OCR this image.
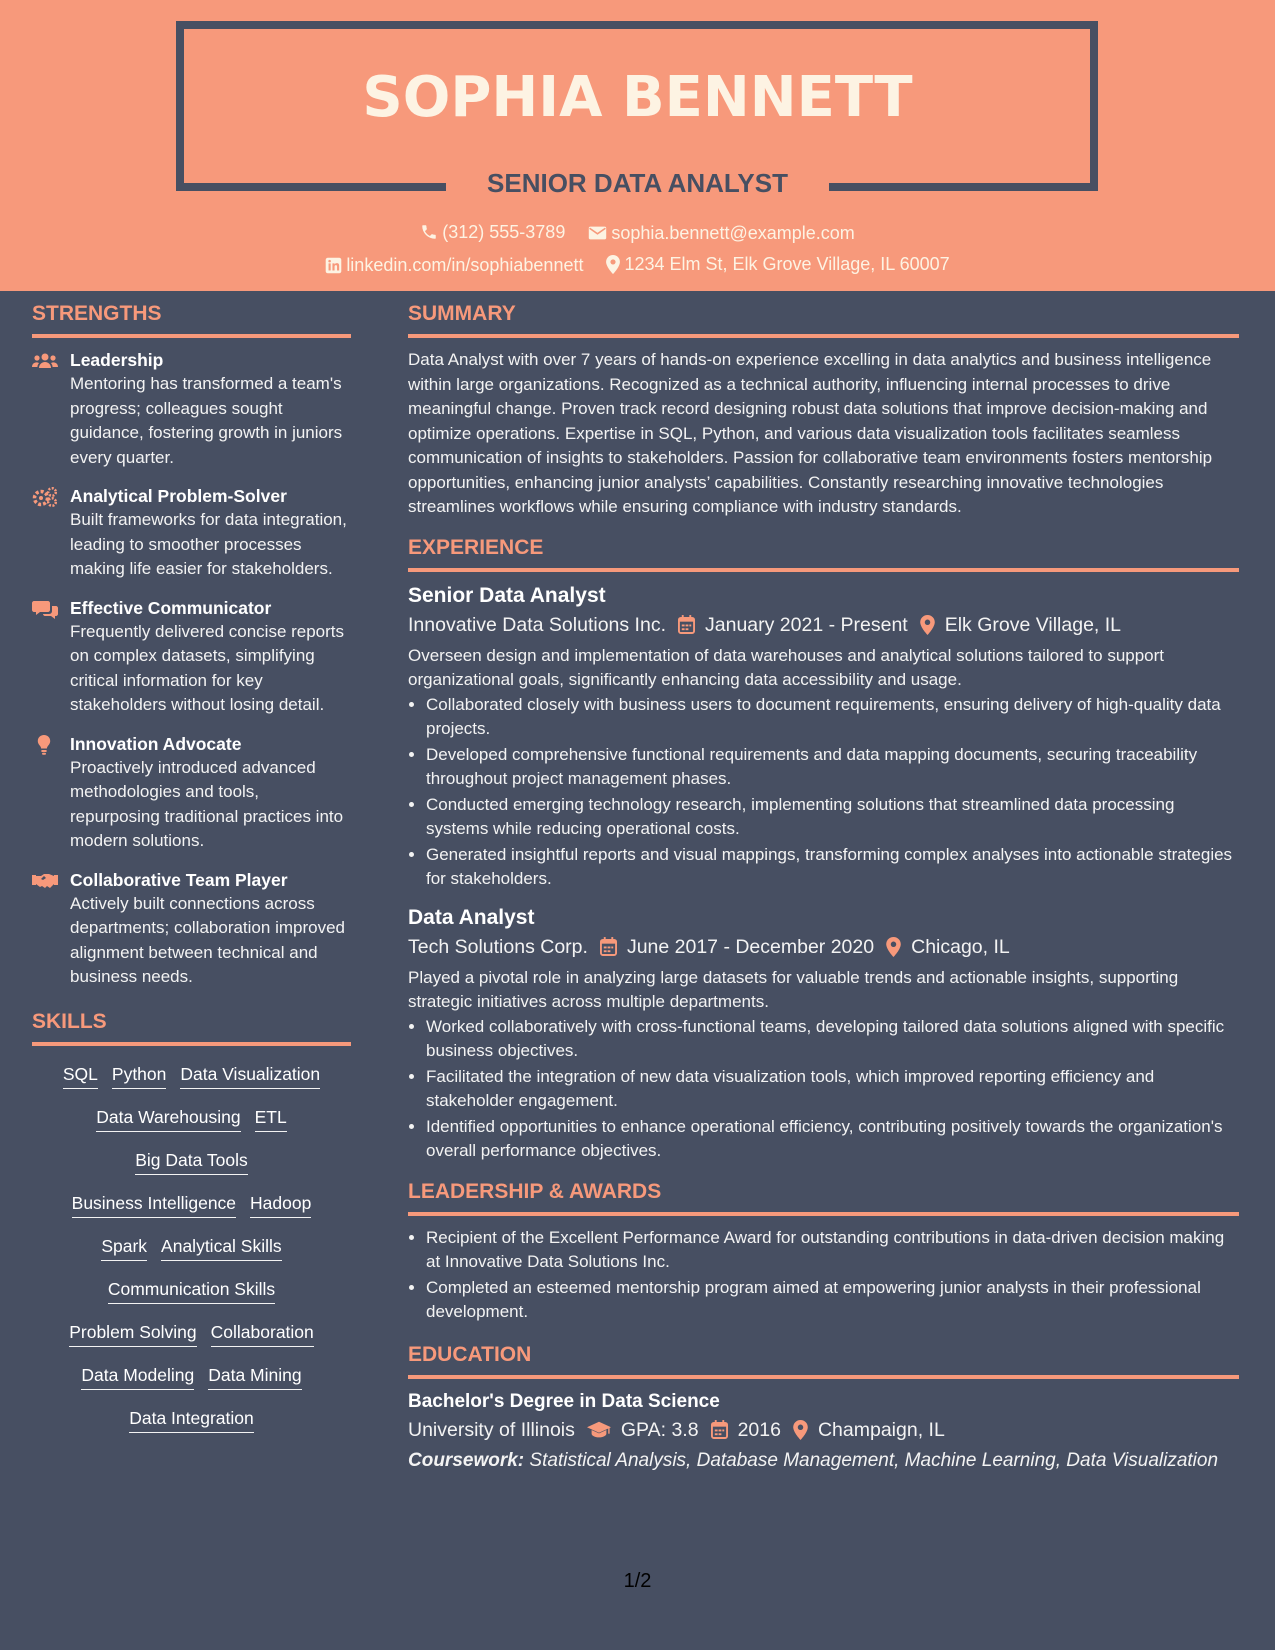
SOPHIA BENNETT
SENIOR DATA ANALYST
(312) 555-3789
	sophia.bennett@example.com
linkedin.com/in/sophiabennett
1234 Elm St, Elk Grove Village, IL 60007
STRENGTHS
Leadership
Mentoring has transformed a team's progress; colleagues sought guidance, fostering growth in juniors every quarter.
Analytical Problem-Solver
Built frameworks for data integration, leading to smoother processes making life easier for stakeholders.
Effective Communicator
Frequently delivered concise reports on complex datasets, simplifying critical information for key stakeholders without losing detail.
Innovation Advocate
Proactively introduced advanced methodologies and tools, repurposing traditional practices into modern solutions.
Collaborative Team Player
Actively built connections across departments; collaboration improved alignment between technical and business needs.
SKILLS
SQL Python Data Visualization
Data Warehousing ETL
Big Data Tools
Business Intelligence Hadoop
Spark Analytical Skills
Communication Skills
Problem Solving Collaboration
Data Modeling Data Mining
Data Integration
SUMMARY

Data Analyst with over 7 years of hands-on experience excelling in data analytics and business intelligence within large organizations. Recognized as a technical authority, influencing internal processes to drive meaningful change. Proven track record designing robust data solutions that improve decision-making and optimize operations. Expertise in SQL, Python, and various data visualization tools facilitates seamless communication of insights to stakeholders. Passion for collaborative team environments fosters mentorship opportunities, enhancing junior analysts’ capabilities. Constantly researching innovative technologies streamlines workflows while ensuring compliance with industry standards.

EXPERIENCE
Senior Data Analyst
Innovative Data Solutions Inc. January 2021 - Present Elk Grove Village, IL

Overseen design and implementation of data warehouses and analytical solutions tailored to support organizational goals, significantly enhancing data accessibility and usage.

• Collaborated closely with business users to document requirements, ensuring delivery of high-quality data projects.
• Developed comprehensive functional requirements and data mapping documents, securing traceability throughout project management phases.
• Conducted emerging technology research, implementing solutions that streamlined data processing systems while reducing operational costs.
• Generated insightful reports and visual mappings, transforming complex analyses into actionable strategies for stakeholders.
Data Analyst
Tech Solutions Corp. June 2017 - December 2020 Chicago, IL

Played a pivotal role in analyzing large datasets for valuable trends and actionable insights, supporting strategic initiatives across multiple departments.

• Worked collaboratively with cross-functional teams, developing tailored data solutions aligned with specific business objectives.
• Facilitated the integration of new data visualization tools, which improved reporting efficiency and stakeholder engagement.
• Identified opportunities to enhance operational efficiency, contributing positively towards the organization's overall performance objectives.
LEADERSHIP & AWARDS
• Recipient of the Excellent Performance Award for outstanding contributions in data-driven decision making at Innovative Data Solutions Inc.
• Completed an esteemed mentorship program aimed at empowering junior analysts in their professional development.
EDUCATION
Bachelor's Degree in Data Science
University of Illinois GPA: 3.8 2016 Champaign, IL
Coursework: Statistical Analysis, Database Management, Machine Learning, Data Visualization
1/2
